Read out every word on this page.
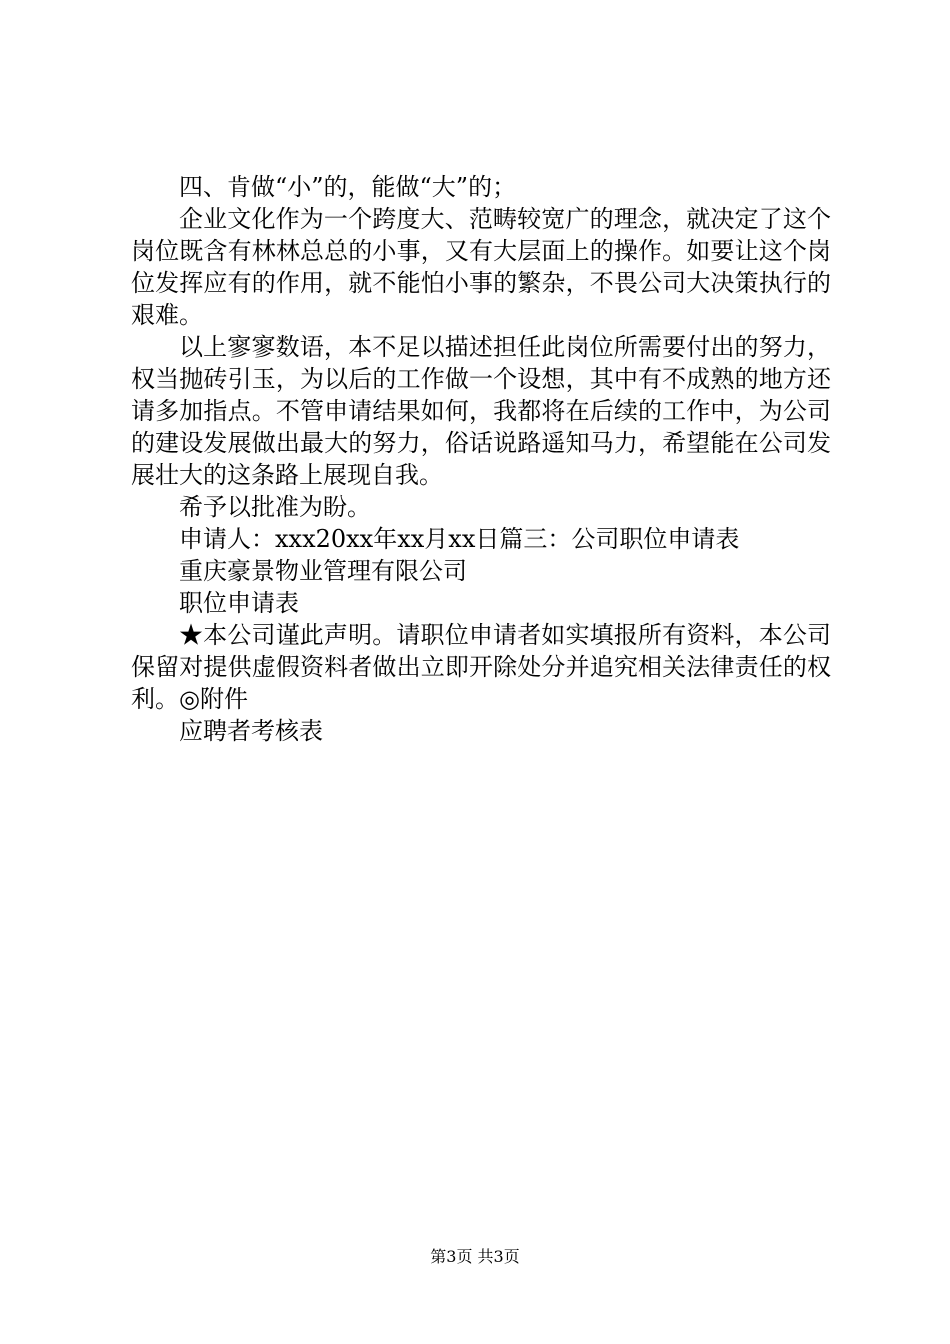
四、肯做“小”的，能做“大”的；

企业文化作为一个跨度大、范畴较宽广的理念，就决定了这个岗位既含有林林总总的小事，又有大层面上的操作。如要让这个岗位发挥应有的作用，就不能怕小事的繁杂，不畏公司大决策执行的艰难。

以上寥寥数语，本不足以描述担任此岗位所需要付出的努力，权当抛砖引玉，为以后的工作做一个设想，其中有不成熟的地方还请多加指点。不管申请结果如何，我都将在后续的工作中，为公司的建设发展做出最大的努力，俗话说路遥知马力，希望能在公司发展壮大的这条路上展现自我。

希予以批准为盼。

申请人：xxx20xx年xx月xx日篇三：公司职位申请表

重庆豪景物业管理有限公司

职位申请表

★本公司谨此声明。请职位申请者如实填报所有资料，本公司保留对提供虚假资料者做出立即开除处分并追究相关法律责任的权利。◎附件

应聘者考核表

第3页 共3页
